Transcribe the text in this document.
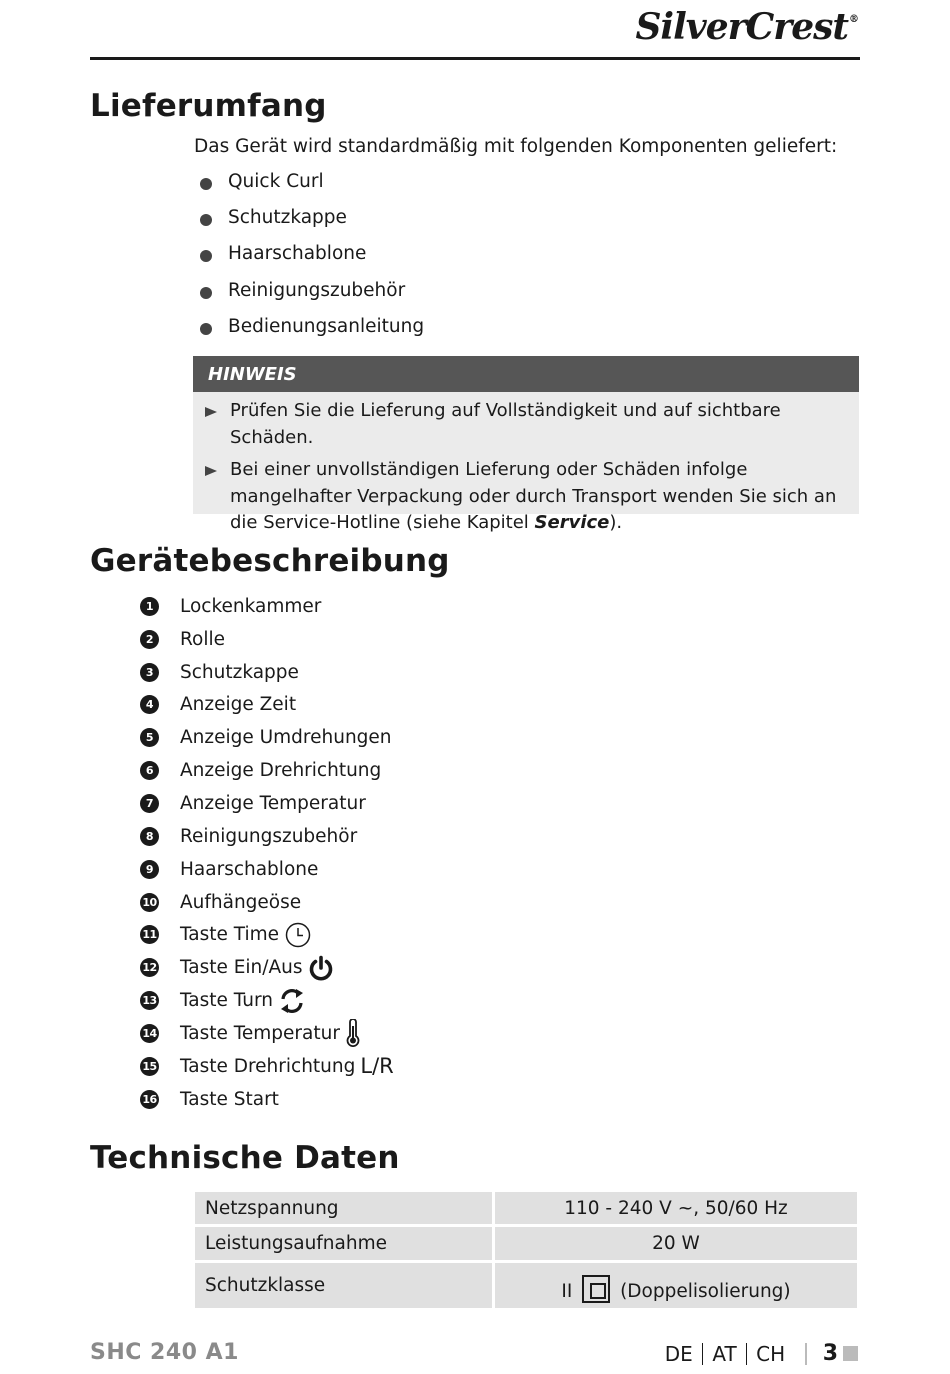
SilverCrest®
Lieferumfang

Das Gerät wird standardmäßig mit folgenden Komponenten geliefert:

Quick Curl
Schutzkappe
Haarschablone
Reinigungszubehör
Bedienungsanleitung
HINWEIS
Prüfen Sie die Lieferung auf Vollständigkeit und auf sichtbare Schäden.
Bei einer unvollständigen Lieferung oder Schäden infolge mangelhafter Verpackung oder durch Transport wenden Sie sich an die Service-Hotline (siehe Kapitel Service).
Gerätebeschreibung
1	Lockenkammer
2	Rolle
3	Schutzkappe
4	Anzeige Zeit
5	Anzeige Umdrehungen
6	Anzeige Drehrichtung
7	Anzeige Temperatur
8	Reinigungszubehör
9	Haarschablone
10 Aufhängeöse
11 Taste Time
12 Taste Ein/Aus
13 Taste Turn
14 Taste Temperatur
15 Taste Drehrichtung L/R
16 Taste Start
Technische Daten
Netzspannung	110 - 240 V ~, 50/60 Hz
Leistungsaufnahme	20 W
Schutzklasse	II (Doppelisolierung)
SHC 240 A1	DE AT CH 3
